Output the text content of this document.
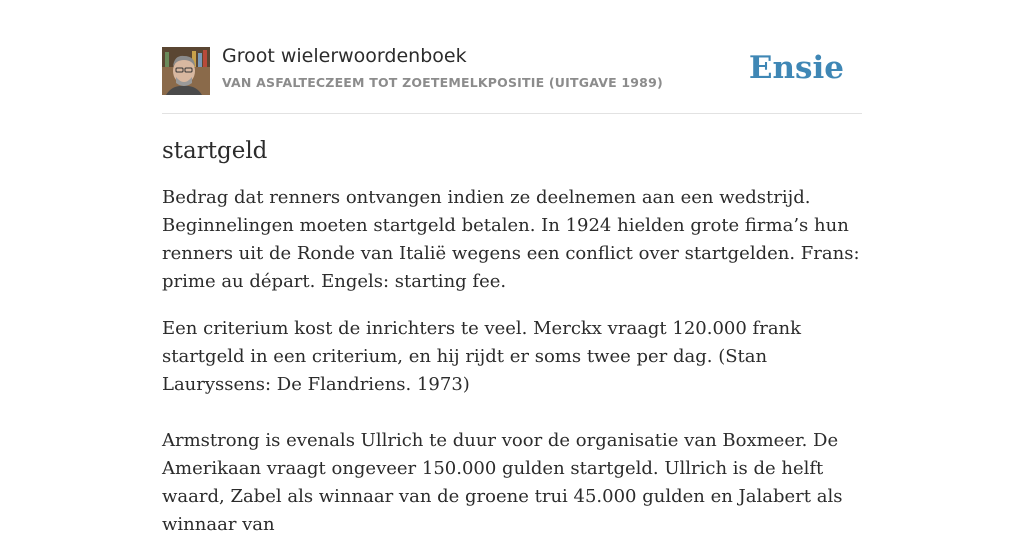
Groot wielerwoordenboek
VAN ASFALTECZEEM TOT ZOETEMELKPOSITIE (UITGAVE 1989)	Ensie
startgeld

Bedrag dat renners ontvangen indien ze deelnemen aan een wedstrijd. Beginnelingen moeten startgeld betalen. In 1924 hielden grote firma’s hun renners uit de Ronde van Italië wegens een conflict over startgelden. Frans: prime au départ. Engels: starting fee.

Een criterium kost de inrichters te veel. Merckx vraagt 120.000 frank startgeld in een criterium, en hij rijdt er soms twee per dag. (Stan Lauryssens: De Flandriens. 1973)

Armstrong is evenals Ullrich te duur voor de organisatie van Boxmeer. De Amerikaan vraagt ongeveer 150.000 gulden startgeld. Ullrich is de helft waard, Zabel als winnaar van de groene trui 45.000 gulden en Jalabert als winnaar van
